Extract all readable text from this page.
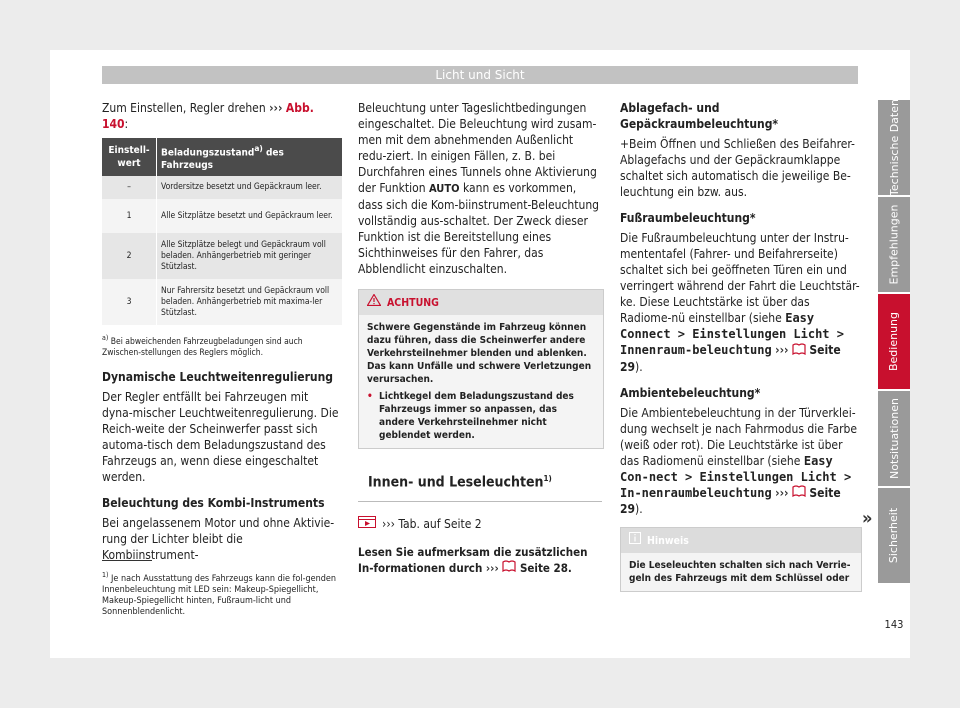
Licht und Sicht

Zum Einstellen, Regler drehen ››› Abb. 140:

Einstell-wert	Beladungszustand$^{a)}$ des Fahrzeugs
–	Vordersitze besetzt und Gepäckraum leer.
1	Alle Sitzplätze besetzt und Gepäckraum leer.
2	Alle Sitzplätze belegt und Gepäckraum voll beladen. Anhängerbetrieb mit geringer Stützlast.
3	Nur Fahrersitz besetzt und Gepäckraum voll beladen. Anhängerbetrieb mit maxima-ler Stützlast.
$^{a)}$ Bei abweichenden Fahrzeugbeladungen sind auch Zwischen-stellungen des Reglers möglich.
Dynamische Leuchtweitenregulierung

Der Regler entfällt bei Fahrzeugen mit dyna-mischer Leuchtweitenregulierung. Die Reich-weite der Scheinwerfer passt sich automa-tisch dem Beladungszustand des Fahrzeugs an, wenn diese eingeschaltet werden.

Beleuchtung des Kombi-Instruments

Bei angelassenem Motor und ohne Aktivie-rung der Lichter bleibt die Kombiinstrument-

Beleuchtung unter Tageslichtbedingungen eingeschaltet. Die Beleuchtung wird zusam-men mit dem abnehmenden Außenlicht redu-ziert. In einigen Fällen, z. B. bei Durchfahren eines Tunnels ohne Aktivierung der Funktion AUTO kann es vorkommen, dass sich die Kom-biinstrument-Beleuchtung vollständig aus-schaltet. Der Zweck dieser Funktion ist die Bereitstellung eines Sichthinweises für den Fahrer, das Abblendlicht einzuschalten.

ACHTUNG
Schwere Gegenstände im Fahrzeug können dazu führen, dass die Scheinwerfer andere Verkehrsteilnehmer blenden und ablenken. Das kann Unfälle und schwere Verletzungen verursachen.
• Lichtkegel dem Beladungszustand des Fahrzeugs immer so anpassen, das andere Verkehrsteilnehmer nicht geblendet werden.
Innen- und Leseleuchten$^{1)}$
››› Tab. auf Seite 2

Lesen Sie aufmerksam die zusätzlichen In-formationen durch ››› Seite 28.

Ablagefach- und Gepäckraumbeleuchtung*

+Beim Öffnen und Schließen des Beifahrer-Ablagefachs und der Gepäckraumklappe schaltet sich automatisch die jeweilige Be-leuchtung ein bzw. aus.

Fußraumbeleuchtung*

Die Fußraumbeleuchtung unter der Instru-mententafel (Fahrer- und Beifahrerseite) schaltet sich bei geöffneten Türen ein und verringert während der Fahrt die Leuchtstär-ke. Diese Leuchtstärke ist über das Radiome-nü einstellbar (siehe Easy Connect > Einstellungen Licht > Innenraum-beleuchtung ››› Seite 29).

Ambientebeleuchtung*

Die Ambientebeleuchtung in der Türverklei-dung wechselt je nach Fahrmodus die Farbe (weiß oder rot). Die Leuchtstärke ist über das Radiomenü einstellbar (siehe Easy Con-nect > Einstellungen Licht > In-nenraumbeleuchtung ››› Seite 29).

Hinweis
Die Leseleuchten schalten sich nach Verrie-geln des Fahrzeugs mit dem Schlüssel oder
»
$^{1)}$ Je nach Ausstattung des Fahrzeugs kann die fol-genden Innenbeleuchtung mit LED sein: Makeup-Spiegellicht, Makeup-Spiegellicht hinten, Fußraum-licht und Sonnenblendenlicht.
Technische Daten
Empfehlungen
Bedienung
Notsituationen
Sicherheit
143
